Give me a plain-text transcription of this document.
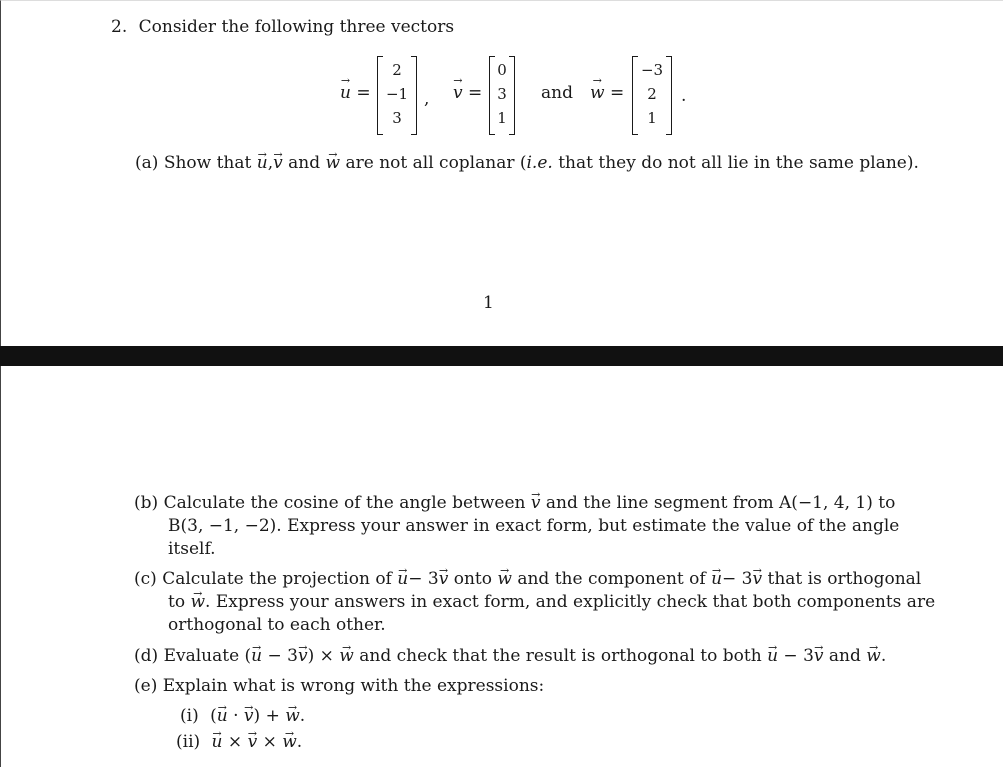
2. Consider the following three vectors
u → =
2
−1
3
, v → =
0
3
1
and w → =
−3
2
1
.
(a) Show that u →,v → and w → are not all coplanar (i.e. that they do not all lie in the same plane).
1
(b) Calculate the cosine of the angle between v → and the line segment from A(−1, 4, 1) to
B(3, −1, −2). Express your answer in exact form, but estimate the value of the angle
itself.
(c) Calculate the projection of u →− 3v → onto w → and the component of u →− 3v → that is orthogonal
to w →. Express your answers in exact form, and explicitly check that both components are
orthogonal to each other.
(d) Evaluate (u → − 3v →) × w → and check that the result is orthogonal to both u → − 3v → and w →.
(e) Explain what is wrong with the expressions:
(i) (u → · v →) + w →.
(ii) u → × v → × w →.
